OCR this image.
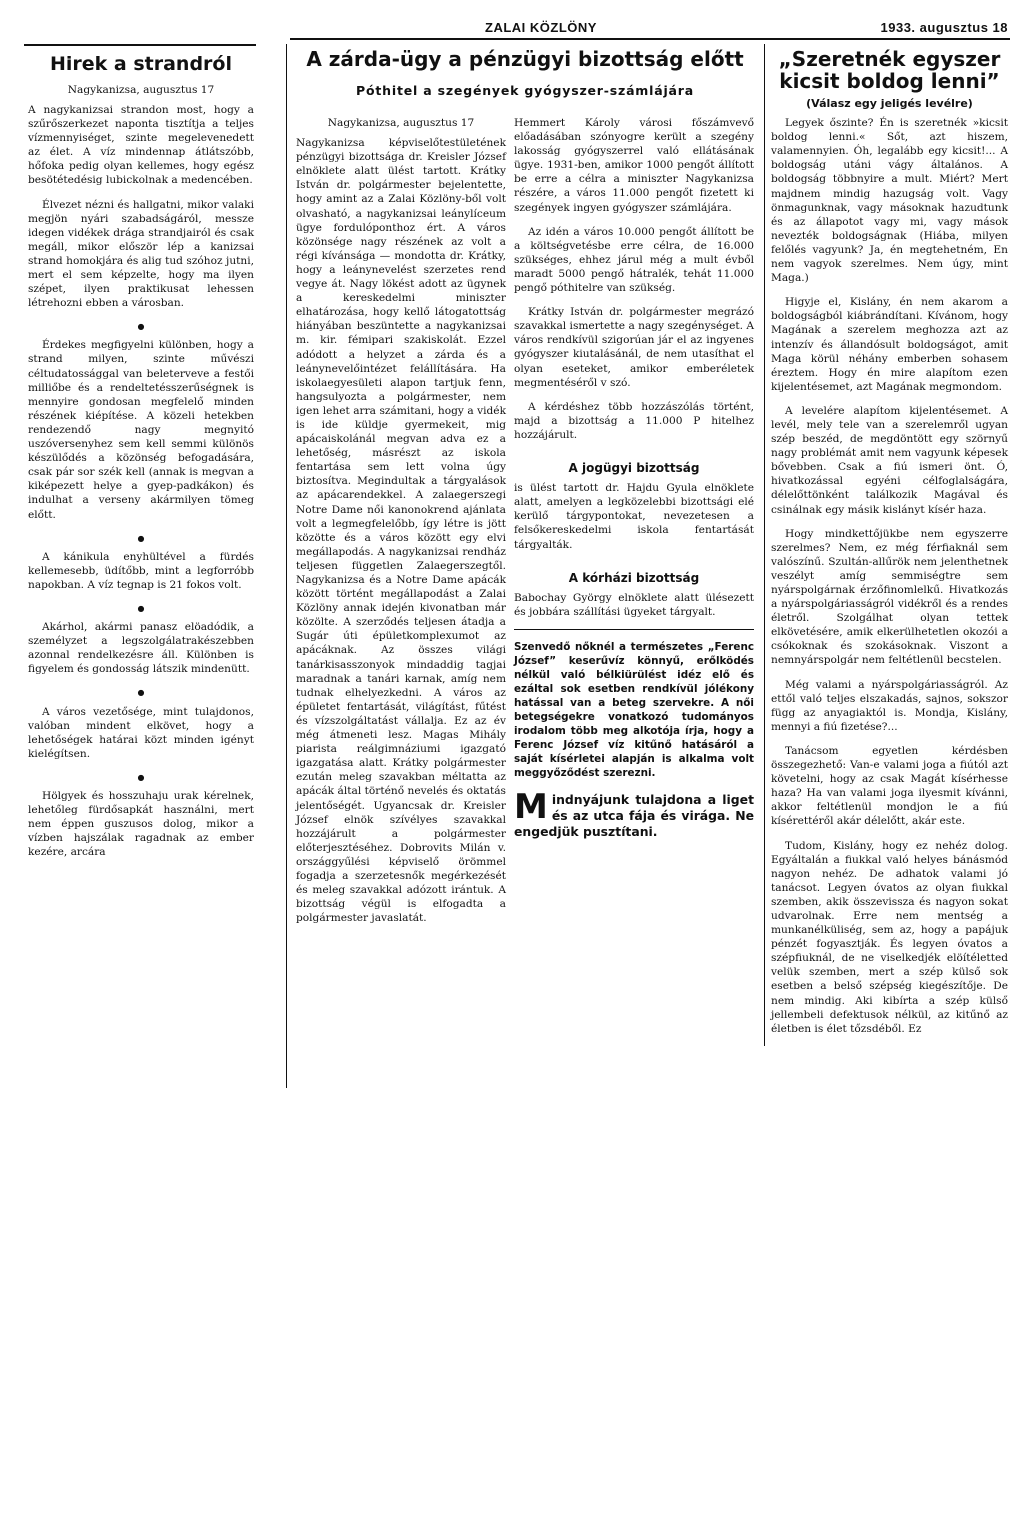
ZALAI KÖZLÖNY	1933. augusztus 18
Hirek a strandról
Nagykanizsa, augusztus 17

A nagykanizsai strandon most, hogy a szűrőszerkezet naponta tisztítja a teljes vízmennyiséget, szinte megelevenedett az élet. A víz mindennap átlátszóbb, hőfoka pedig olyan kellemes, hogy egész besötétedésig lubickolnak a medencében.

Élvezet nézni és hallgatni, mikor valaki megjön nyári szabadságáról, messze idegen vidékek drága strandjairól és csak megáll, mikor először lép a kanizsai strand homokjára és alig tud szóhoz jutni, mert el sem képzelte, hogy ma ilyen szépet, ilyen praktikusat lehessen létrehozni ebben a városban.

●

Érdekes megfigyelni különben, hogy a strand milyen, szinte művészi céltudatossággal van beleterveve a festői milliőbe és a rendeltetésszerűségnek is mennyire gondosan megfelelő minden részének kiépítése. A közeli hetekben rendezendő nagy megnyitó uszóversenyhez sem kell semmi különös készülődés a közönség befogadására, csak pár sor szék kell (annak is megvan a kiképezett helye a gyep-padkákon) és indulhat a verseny akármilyen tömeg előtt.

●

A kánikula enyhültével a fürdés kellemesebb, üdítőbb, mint a legforróbb napokban. A víz tegnap is 21 fokos volt.

●

Akárhol, akármi panasz elöadódik, a személyzet a legszolgálatrakészebben azonnal rendelkezésre áll. Különben is figyelem és gondosság látszik mindenütt.

●

A város vezetősége, mint tulajdonos, valóban mindent elkövet, hogy a lehetőségek határai közt minden igényt kielégítsen.

●

Hölgyek és hosszuhaju urak kérelnek, lehetőleg fürdősapkát használni, mert nem éppen guszusos dolog, mikor a vízben hajszálak ragadnak az ember kezére, arcára

A zárda-ügy a pénzügyi bizottság előtt
Póthitel a szegények gyógyszer-számlájára
Nagykanizsa, augusztus 17

Nagykanizsa képviselőtestületének pénzügyi bizottsága dr. Kreisler József elnöklete alatt ülést tartott. Krátky István dr. polgármester bejelentette, hogy amint az a Zalai Közlöny-ből volt olvasható, a nagykanizsai leánylíceum ügye fordulóponthoz ért. A város közönsége nagy részének az volt a régi kívánsága — mondotta dr. Krátky, hogy a leánynevelést szerzetes rend vegye át. Nagy lökést adott az ügynek a kereskedelmi miniszter elhatározása, hogy kellő látogatottság hiányában beszüntette a nagykanizsai m. kir. fémipari szakiskolát. Ezzel adódott a helyzet a zárda és a leánynevelőintézet felállítására. Ha iskolaegyesületi alapon tartjuk fenn, hangsulyozta a polgármester, nem igen lehet arra számitani, hogy a vidék is ide küldje gyermekeit, mig apácaiskolánál megvan adva ez a lehetőség, másrészt az iskola fentartása sem lett volna úgy biztosítva. Megindultak a tárgyalások az apácarendekkel. A zalaegerszegi Notre Dame női kanonokrend ajánlata volt a legmegfelelőbb, így létre is jött közötte és a város között egy elvi megállapodás. A nagykanizsai rendház teljesen független Zalaegerszegtől. Nagykanizsa és a Notre Dame apácák között történt megállapodást a Zalai Közlöny annak idején kivonatban már közölte. A szerződés teljesen átadja a Sugár úti épületkomplexumot az apácáknak. Az összes világi tanárkisasszonyok mindaddig tagjai maradnak a tanári karnak, amíg nem tudnak elhelyezkedni. A város az épületet fentartását, világítást, fűtést és vízszolgáltatást vállalja. Ez az év még átmeneti lesz. Magas Mihály piarista reálgimnáziumi igazgató igazgatása alatt. Krátky polgármester ezután meleg szavakban méltatta az apácák által történő nevelés és oktatás jelentőségét. Ugyancsak dr. Kreisler József elnök szívélyes szavakkal hozzájárult a polgármester előterjesztéséhez. Dobrovits Milán v. országgyűlési képviselő örömmel fogadja a szerzetesnők megérkezését és meleg szavakkal adózott irántuk. A bizottság végül is elfogadta a polgármester javaslatát.

Hemmert Károly városi főszámvevő előadásában szónyogre került a szegény lakosság gyógyszerrel való ellátásának ügye. 1931-ben, amikor 1000 pengőt állított be erre a célra a miniszter Nagykanizsa részére, a város 11.000 pengőt fizetett ki szegények ingyen gyógyszer számlájára.

Az idén a város 10.000 pengőt állított be a költségvetésbe erre célra, de 16.000 szükséges, ehhez járul még a mult évből maradt 5000 pengő hátralék, tehát 11.000 pengő póthitelre van szükség.

Krátky István dr. polgármester megrázó szavakkal ismertette a nagy szegénységet. A város rendkívül szigorúan jár el az ingyenes gyógyszer kiutalásánál, de nem utasíthat el olyan eseteket, amikor emberéletek megmentéséről v szó.

A kérdéshez több hozzászólás történt, majd a bizottság a 11.000 P hitelhez hozzájárult.

A jogügyi bizottság

is ülést tartott dr. Hajdu Gyula elnöklete alatt, amelyen a legközelebbi bizottsági elé kerülő tárgypontokat, nevezetesen a felsőkereskedelmi iskola fentartását tárgyalták.

A kórházi bizottság

Babochay György elnöklete alatt ülésezett és jobbára szállítási ügyeket tárgyalt.

Szenvedő nőknél a természetes „Ferenc József” keserűvíz könnyű, erőlködés nélkül való bélkiürülést idéz elő és ezáltal sok esetben rendkívül jólékony hatással van a beteg szervekre. A női betegségekre vonatkozó tudományos irodalom több meg alkotója írja, hogy a Ferenc József víz kitűnő hatásáról a saját kísérletei alapján is alkalma volt meggyőződést szerezni.
M indnyájunk tulajdona a liget és az utca fája és virága. Ne engedjük pusztítani.
„Szeretnék egyszer kicsit boldog lenni”
(Válasz egy jeligés levélre)

Legyek őszinte? Én is szeretnék »kicsit boldog lenni.« Sőt, azt hiszem, valamennyien. Óh, legalább egy kicsit!... A boldogság utáni vágy általános. A boldogság többnyire a mult. Miért? Mert majdnem mindig hazugság volt. Vagy önmagunknak, vagy másoknak hazudtunk és az állapotot vagy mi, vagy mások nevezték boldogságnak (Hiába, milyen felőlés vagyunk? Ja, én megtehetném, En nem vagyok szerelmes. Nem úgy, mint Maga.)

Higyje el, Kislány, én nem akarom a boldogságból kiábrándítani. Kívánom, hogy Magának a szerelem meghozza azt az intenzív és állandósult boldogságot, amit Maga körül néhány emberben sohasem éreztem. Hogy én mire alapítom ezen kijelentésemet, azt Magának megmondom.

A levelére alapítom kijelentésemet. A levél, mely tele van a szerelemről ugyan szép beszéd, de megdöntött egy szörnyű nagy problémát amit nem vagyunk képesek bővebben. Csak a fiú ismeri önt. Ó, hivatkozással egyéni célfoglalságára, délelőttönként találkozik Magával és csinálnak egy másik kislányt kísér haza.

Hogy mindkettőjükbe nem egyszerre szerelmes? Nem, ez még férfiaknál sem valószínű. Szultán-allűrök nem jelenthetnek veszélyt amíg semmiségtre sem nyárspolgárnak érzőfinomlelkű. Hivatkozás a nyárspolgáriasságról vidékről és a rendes életről. Szolgálhat olyan tettek elkövetésére, amik elkerülhetetlen okozói a csókoknak és szokásoknak. Viszont a nemnyárspolgár nem feltétlenül becstelen.

Még valami a nyárspolgáriasságról. Az ettől való teljes elszakadás, sajnos, sokszor függ az anyagiaktól is. Mondja, Kislány, mennyi a fiú fizetése?...

Tanácsom egyetlen kérdésben összegezhető: Van-e valami joga a fiútól azt követelni, hogy az csak Magát kísérhesse haza? Ha van valami joga ilyesmit kívánni, akkor feltétlenül mondjon le a fiú kísérettéről akár délelőtt, akár este.

Tudom, Kislány, hogy ez nehéz dolog. Egyáltalán a fiukkal való helyes bánásmód nagyon nehéz. De adhatok valami jó tanácsot. Legyen óvatos az olyan fiukkal szemben, akik összevissza és nagyon sokat udvarolnak. Erre nem mentség a munkanélküliség, sem az, hogy a papájuk pénzét fogyasztják. És legyen óvatos a szépfiuknál, de ne viselkedjék elöítéletted velük szemben, mert a szép külső sok esetben a belső szépség kiegészítője. De nem mindig. Aki kibírta a szép külső jellembeli defektusok nélkül, az kitűnő az életben is élet tőzsdéből. Ez
